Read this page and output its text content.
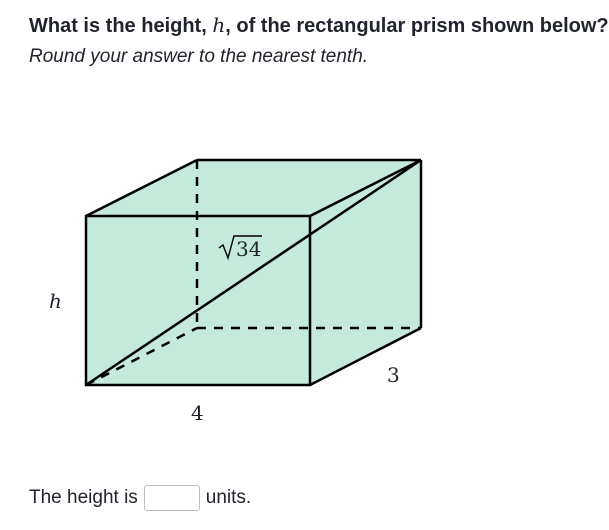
What is the height, h, of the rectangular prism shown below?
Round your answer to the nearest tenth.
34
h
4
3
The height is	units.
